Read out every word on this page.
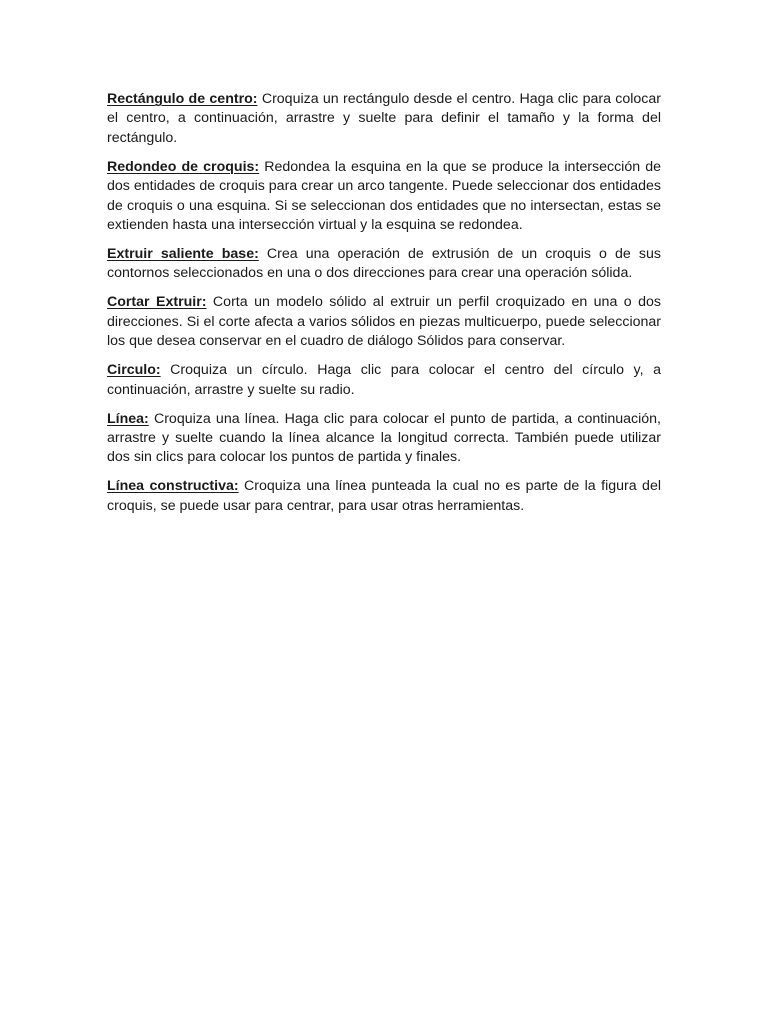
Rectángulo de centro: Croquiza un rectángulo desde el centro. Haga clic para colocar el centro, a continuación, arrastre y suelte para definir el tamaño y la forma del rectángulo.

Redondeo de croquis: Redondea la esquina en la que se produce la intersección de dos entidades de croquis para crear un arco tangente. Puede seleccionar dos entidades de croquis o una esquina. Si se seleccionan dos entidades que no intersectan, estas se extienden hasta una intersección virtual y la esquina se redondea.

Extruir saliente base: Crea una operación de extrusión de un croquis o de sus contornos seleccionados en una o dos direcciones para crear una operación sólida.

Cortar Extruir: Corta un modelo sólido al extruir un perfil croquizado en una o dos direcciones. Si el corte afecta a varios sólidos en piezas multicuerpo, puede seleccionar los que desea conservar en el cuadro de diálogo Sólidos para conservar.

Circulo: Croquiza un círculo. Haga clic para colocar el centro del círculo y, a continuación, arrastre y suelte su radio.

Línea: Croquiza una línea. Haga clic para colocar el punto de partida, a continuación, arrastre y suelte cuando la línea alcance la longitud correcta. También puede utilizar dos sin clics para colocar los puntos de partida y finales.

Línea constructiva: Croquiza una línea punteada la cual no es parte de la figura del croquis, se puede usar para centrar, para usar otras herramientas.
